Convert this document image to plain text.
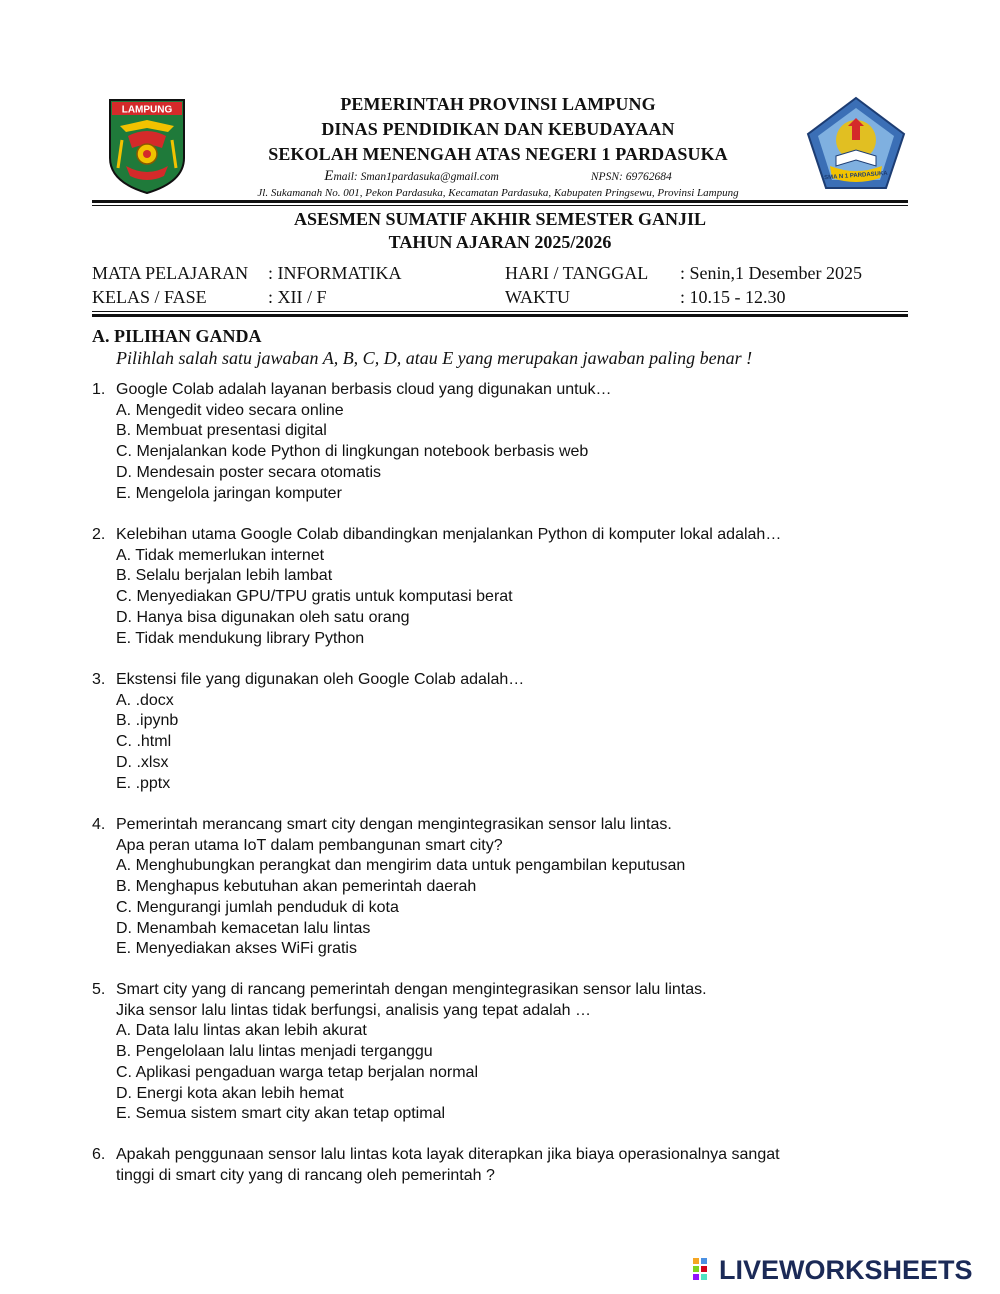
LAMPUNG	PEMERINTAH PROVINSI LAMPUNG
DINAS PENDIDIKAN DAN KEBUDAYAAN
SEKOLAH MENENGAH ATAS NEGERI 1 PARDASUKA
Email: Sman1pardasuka@gmail.com	NPSN: 69762684
Jl. Sukamanah No. 001, Pekon Pardasuka, Kecamatan Pardasuka, Kabupaten Pringsewu, Provinsi Lampung
SMA N 1 PARDASUKA
ASESMEN SUMATIF AKHIR SEMESTER GANJIL
TAHUN AJARAN 2025/2026
MATA PELAJARAN : INFORMATIKA	HARI / TANGGAL : Senin,1 Desember 2025
KELAS / FASE	: XII / F	WAKTU	: 10.15 - 12.30
A. PILIHAN GANDA
Pilihlah salah satu jawaban A, B, C, D, atau E yang merupakan jawaban paling benar !
1. Google Colab adalah layanan berbasis cloud yang digunakan untuk…
A. Mengedit video secara online
B. Membuat presentasi digital
C. Menjalankan kode Python di lingkungan notebook berbasis web
D. Mendesain poster secara otomatis
E. Mengelola jaringan komputer
2. Kelebihan utama Google Colab dibandingkan menjalankan Python di komputer lokal adalah…
A. Tidak memerlukan internet
B. Selalu berjalan lebih lambat
C. Menyediakan GPU/TPU gratis untuk komputasi berat
D. Hanya bisa digunakan oleh satu orang
E. Tidak mendukung library Python
3. Ekstensi file yang digunakan oleh Google Colab adalah…
A. .docx
B. .ipynb
C. .html
D. .xlsx
E. .pptx
4. Pemerintah merancang smart city dengan mengintegrasikan sensor lalu lintas.
Apa peran utama IoT dalam pembangunan smart city?
A. Menghubungkan perangkat dan mengirim data untuk pengambilan keputusan
B. Menghapus kebutuhan akan pemerintah daerah
C. Mengurangi jumlah penduduk di kota
D. Menambah kemacetan lalu lintas
E. Menyediakan akses WiFi gratis
5. Smart city yang di rancang pemerintah dengan mengintegrasikan sensor lalu lintas.
Jika sensor lalu lintas tidak berfungsi, analisis yang tepat adalah …
A. Data lalu lintas akan lebih akurat
B. Pengelolaan lalu lintas menjadi terganggu
C. Aplikasi pengaduan warga tetap berjalan normal
D. Energi kota akan lebih hemat
E. Semua sistem smart city akan tetap optimal
6. Apakah penggunaan sensor lalu lintas kota layak diterapkan jika biaya operasionalnya sangat
tinggi di smart city yang di rancang oleh pemerintah ?
LIVEWORKSHEETS
